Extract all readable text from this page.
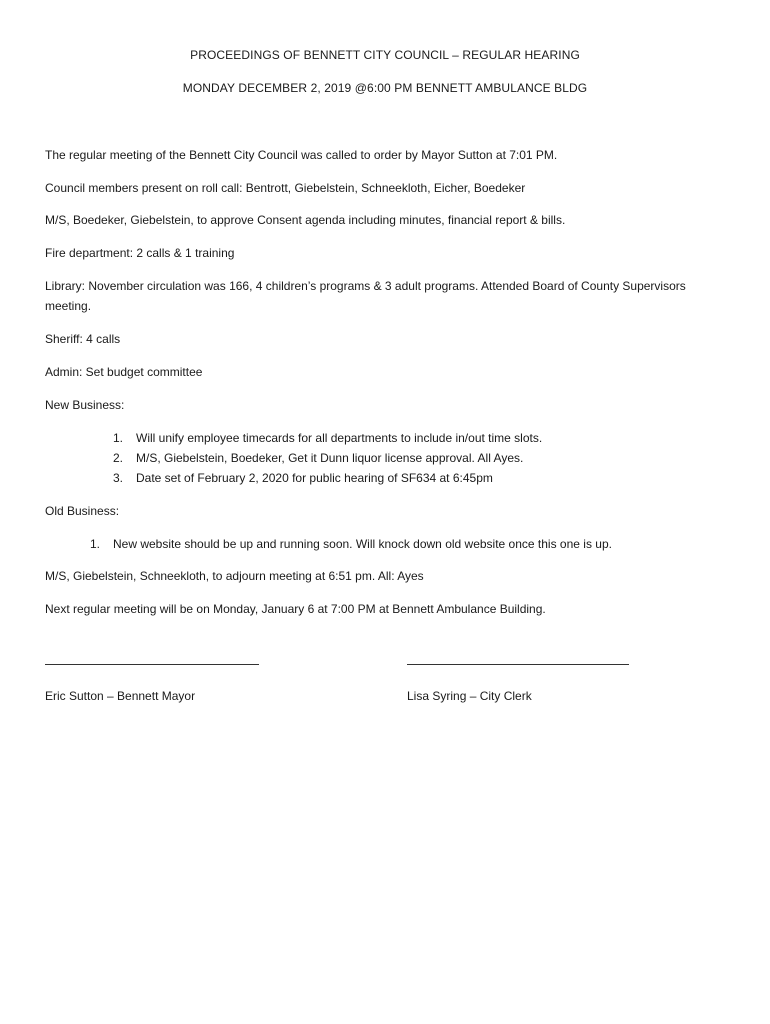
PROCEEDINGS OF BENNETT CITY COUNCIL – REGULAR HEARING
MONDAY DECEMBER 2, 2019 @6:00 PM BENNETT AMBULANCE BLDG
The regular meeting of the Bennett City Council was called to order by Mayor Sutton at 7:01 PM.
Council members present on roll call: Bentrott, Giebelstein, Schneekloth, Eicher, Boedeker
M/S, Boedeker, Giebelstein, to approve Consent agenda including minutes, financial report & bills.
Fire department: 2 calls & 1 training
Library: November circulation was 166, 4 children’s programs & 3 adult programs. Attended Board of County Supervisors
meeting.
Sheriff: 4 calls
Admin: Set budget committee
New Business:
1. Will unify employee timecards for all departments to include in/out time slots.
2. M/S, Giebelstein, Boedeker, Get it Dunn liquor license approval. All Ayes.
3. Date set of February 2, 2020 for public hearing of SF634 at 6:45pm
Old Business:
1. New website should be up and running soon. Will knock down old website once this one is up.
M/S, Giebelstein, Schneekloth, to adjourn meeting at 6:51 pm. All: Ayes
Next regular meeting will be on Monday, January 6 at 7:00 PM at Bennett Ambulance Building.
Eric Sutton – Bennett Mayor	Lisa Syring – City Clerk
